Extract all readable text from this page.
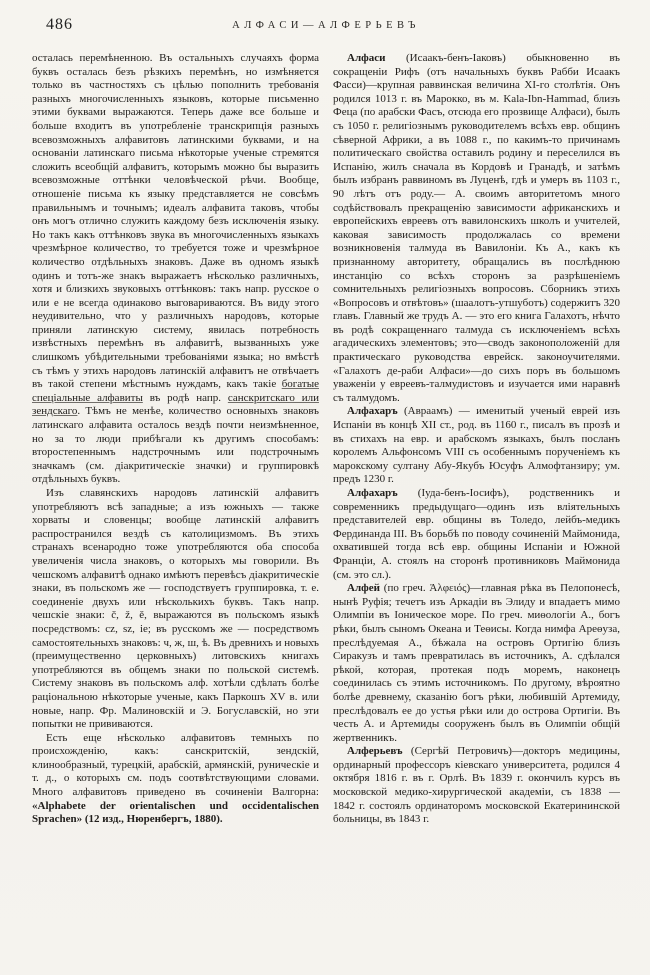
486	АЛФАСИ—АЛФЕРЬЕВЪ

осталась перемѣненною. Въ остальныхъ случаяхъ форма буквъ осталась безъ рѣзкихъ перемѣнъ, но измѣняется только въ частностяхъ съ цѣлью пополнить требованія разныхъ многочисленныхъ языковъ, которые письменно этими буквами выражаются. Теперь даже все больше и больше входитъ въ употребленіе транскрипція разныхъ всевозможныхъ алфавитовъ латинскими буквами, и на основаніи латинскаго письма нѣкоторые ученые стремятся сложить всеобщій алфавитъ, которымъ можно бы выразить всевозможные оттѣнки человѣческой рѣчи. Вообще, отношеніе письма къ языку представляется не совсѣмъ правильнымъ и точнымъ; идеалъ алфавита таковъ, чтобы онъ могъ отлично служить каждому безъ исключенія языку. Но такъ какъ оттѣнковъ звука въ многочисленныхъ языкахъ чрезмѣрное количество, то требуется тоже и чрезмѣрное количество отдѣльныхъ знаковъ. Даже въ одномъ языкѣ одинъ и тотъ-же знакъ выражаетъ нѣсколько различныхъ, хотя и близкихъ звуковыхъ оттѣнковъ: такъ напр. русское о или е не всегда одинаково выговариваются. Въ виду этого неудивительно, что у различныхъ народовъ, которые приняли латинскую систему, явилась потребность извѣстныхъ перемѣнъ въ алфавитѣ, вызванныхъ уже слишкомъ убѣдительными требованіями языка; но вмѣстѣ съ тѣмъ у этихъ народовъ латинскій алфавитъ не отвѣчаетъ въ такой степени мѣстнымъ нуждамъ, какъ такіе богатые спеціальные алфавиты въ родѣ напр. санскритскаго или зендскаго. Тѣмъ не менѣе, количество основныхъ знаковъ латинскаго алфавита осталось вездѣ почти неизмѣненное, но за то люди прибѣгали къ другимъ способамъ: второстепеннымъ надстрочнымъ или подстрочнымъ значкамъ (см. діакритическіе значки) и группировкѣ отдѣльныхъ буквъ.

Изъ славянскихъ народовъ латинскій алфавитъ употребляютъ всѣ западные; а изъ южныхъ — также хорваты и словенцы; вообще латинскій алфавитъ распространился вездѣ съ католицизмомъ. Въ этихъ странахъ всенародно тоже употребляются оба способа увеличенія числа знаковъ, о которыхъ мы говорили. Въ чешскомъ алфавитѣ однако имѣютъ перевѣсъ діакритическіе знаки, въ польскомъ же — господствуетъ группировка, т. е. соединеніе двухъ или нѣсколькихъ буквъ. Такъ напр. чешскіе знаки: č, ž, ě, выражаются въ польскомъ языкѣ посредствомъ: cz, sz, ie; въ русскомъ же — посредствомъ самостоятельныхъ знаковъ: ч, ж, ш, ѣ. Въ древнихъ и новыхъ (преимущественно церковныхъ) литовскихъ книгахъ употребляются въ общемъ знаки по польской системѣ. Систему знаковъ въ польскомъ алф. хотѣли сдѣлать болѣе раціональною нѣкоторые ученые, какъ Паркошъ XV в. или новые, напр. Фр. Малиновскій и Э. Богуславскій, но эти попытки не прививаются.

Есть еще нѣсколько алфавитовъ темныхъ по происхожденію, какъ: санскритскій, зендскій, клинообразный, турецкій, арабскій, армянскій, руническіе и т. д., о которыхъ см. подъ соотвѣтствующими словами. Много алфавитовъ приведено въ сочиненіи Валгорна: «Alphabete der orientalischen und occidentalischen Sprachen» (12 изд., Нюренбергъ, 1880).

Алфаси (Исаакъ-бенъ-Іаковъ) обыкновенно въ сокращеніи Рифъ (отъ начальныхъ буквъ Рабби Исаакъ Фасси)—крупная раввинская величина XI-го столѣтія. Онъ родился 1013 г. въ Марокко, въ м. Kala-Ibn-Hammad, близъ Феца (по арабски Фасъ, отсюда его прозвище Алфаси), былъ съ 1050 г. религіознымъ руководителемъ всѣхъ евр. общинъ сѣверной Африки, а въ 1088 г., по какимъ-то причинамъ политическаго свойства оставилъ родину и переселился въ Испанію, жилъ сначала въ Кордовѣ и Гранадѣ, и затѣмъ былъ избранъ раввиномъ въ Луценѣ, гдѣ и умеръ въ 1103 г., 90 лѣтъ отъ роду.— А. своимъ авторитетомъ много содѣйствовалъ прекращенію зависимости африканскихъ и европейскихъ евреевъ отъ вавилонскихъ школъ и учителей, каковая зависимость продолжалась со времени возникновенія талмуда въ Вавилоніи. Къ А., какъ къ признанному авторитету, обращались въ послѣднюю инстанцію со всѣхъ сторонъ за разрѣшеніемъ сомнительныхъ религіозныхъ вопросовъ. Сборникъ этихъ «Вопросовъ и отвѣтовъ» (шаалотъ-утшуботъ) содержитъ 320 главъ. Главный же трудъ А. — это его книга Галахотъ, нѣчто въ родѣ сокращеннаго талмуда съ исключеніемъ всѣхъ агадическихъ элементовъ; это—сводъ законоположеній для практическаго руководства еврейск. законоучителями. «Галахотъ де-раби Алфаси»—до сихъ поръ въ большомъ уваженіи у евреевъ-талмудистовъ и изучается ими наравнѣ съ талмудомъ.

Алфахаръ (Авраамъ) — именитый ученый еврей изъ Испаніи въ концѣ XII ст., род. въ 1160 г., писалъ въ прозѣ и въ стихахъ на евр. и арабскомъ языкахъ, былъ посланъ королемъ Альфонсомъ VIII съ особеннымъ порученіемъ къ марокскому султану Абу-Якубъ Юсуфъ Алмофтанзиру; ум. предъ 1230 г.

Алфахаръ (Іуда-бенъ-Іосифъ), родственникъ и современникъ предыдущаго—одинъ изъ вліятельныхъ представителей евр. общины въ Толедо, лейбъ-медикъ Фердинанда III. Въ борьбѣ по поводу сочиненій Маймонида, охватившей тогда всѣ евр. общины Испаніи и Южной Франціи, А. стоялъ на сторонѣ противниковъ Маймонида (см. это сл.).

Алфей (по греч. Ἀλφειός)—главная рѣка въ Пелопонесѣ, нынѣ Руфія; течетъ изъ Аркадіи въ Элиду и впадаетъ мимо Олимпіи въ Іоническое море. По греч. миѳологіи А., богъ рѣки, былъ сыномъ Океана и Теѳисы. Когда нимфа Ареѳуза, преслѣдуемая А., бѣжала на островъ Ортигію близъ Сиракузъ и тамъ превратилась въ источникъ, А. сдѣлался рѣкой, которая, протекая подъ моремъ, наконецъ соединилась съ этимъ источникомъ. По другому, вѣроятно болѣе древнему, сказанію богъ рѣки, любившій Артемиду, преслѣдовалъ ее до устья рѣки или до острова Ортигіи. Въ честь А. и Артемиды сооруженъ былъ въ Олимпіи общій жертвенникъ.

Алферьевъ (Сергѣй Петровичъ)—докторъ медицины, ординарный профессоръ кіевскаго университета, родился 4 октября 1816 г. въ г. Орлѣ. Въ 1839 г. окончилъ курсъ въ московской медико-хирургической академіи, съ 1838 — 1842 г. состоялъ ординаторомъ московской Екатерининской больницы, въ 1843 г.
